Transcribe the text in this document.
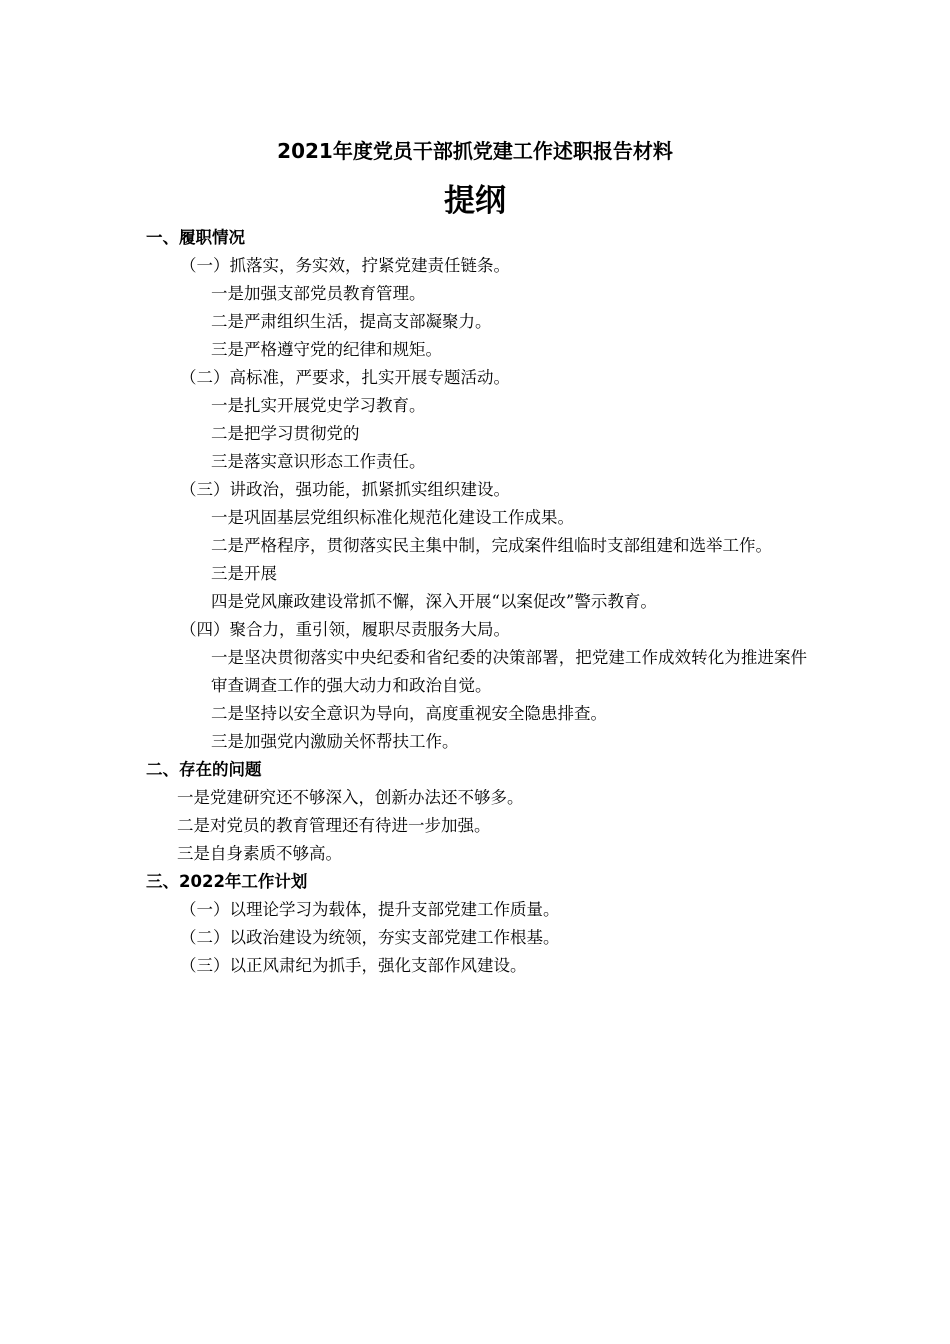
2021年度党员干部抓党建工作述职报告材料
提纲
一、履职情况
（一）抓落实，务实效，拧紧党建责任链条。
一是加强支部党员教育管理。
二是严肃组织生活，提高支部凝聚力。
三是严格遵守党的纪律和规矩。
（二）高标准，严要求，扎实开展专题活动。
一是扎实开展党史学习教育。
二是把学习贯彻党的
三是落实意识形态工作责任。
（三）讲政治，强功能，抓紧抓实组织建设。
一是巩固基层党组织标准化规范化建设工作成果。
二是严格程序，贯彻落实民主集中制，完成案件组临时支部组建和选举工作。
三是开展
四是党风廉政建设常抓不懈，深入开展“以案促改”警示教育。
（四）聚合力，重引领，履职尽责服务大局。
一是坚决贯彻落实中央纪委和省纪委的决策部署，把党建工作成效转化为推进案件审查调查工作的强大动力和政治自觉。
二是坚持以安全意识为导向，高度重视安全隐患排查。
三是加强党内激励关怀帮扶工作。
二、存在的问题
一是党建研究还不够深入，创新办法还不够多。
二是对党员的教育管理还有待进一步加强。
三是自身素质不够高。
三、2022年工作计划
（一）以理论学习为载体，提升支部党建工作质量。
（二）以政治建设为统领，夯实支部党建工作根基。
（三）以正风肃纪为抓手，强化支部作风建设。
